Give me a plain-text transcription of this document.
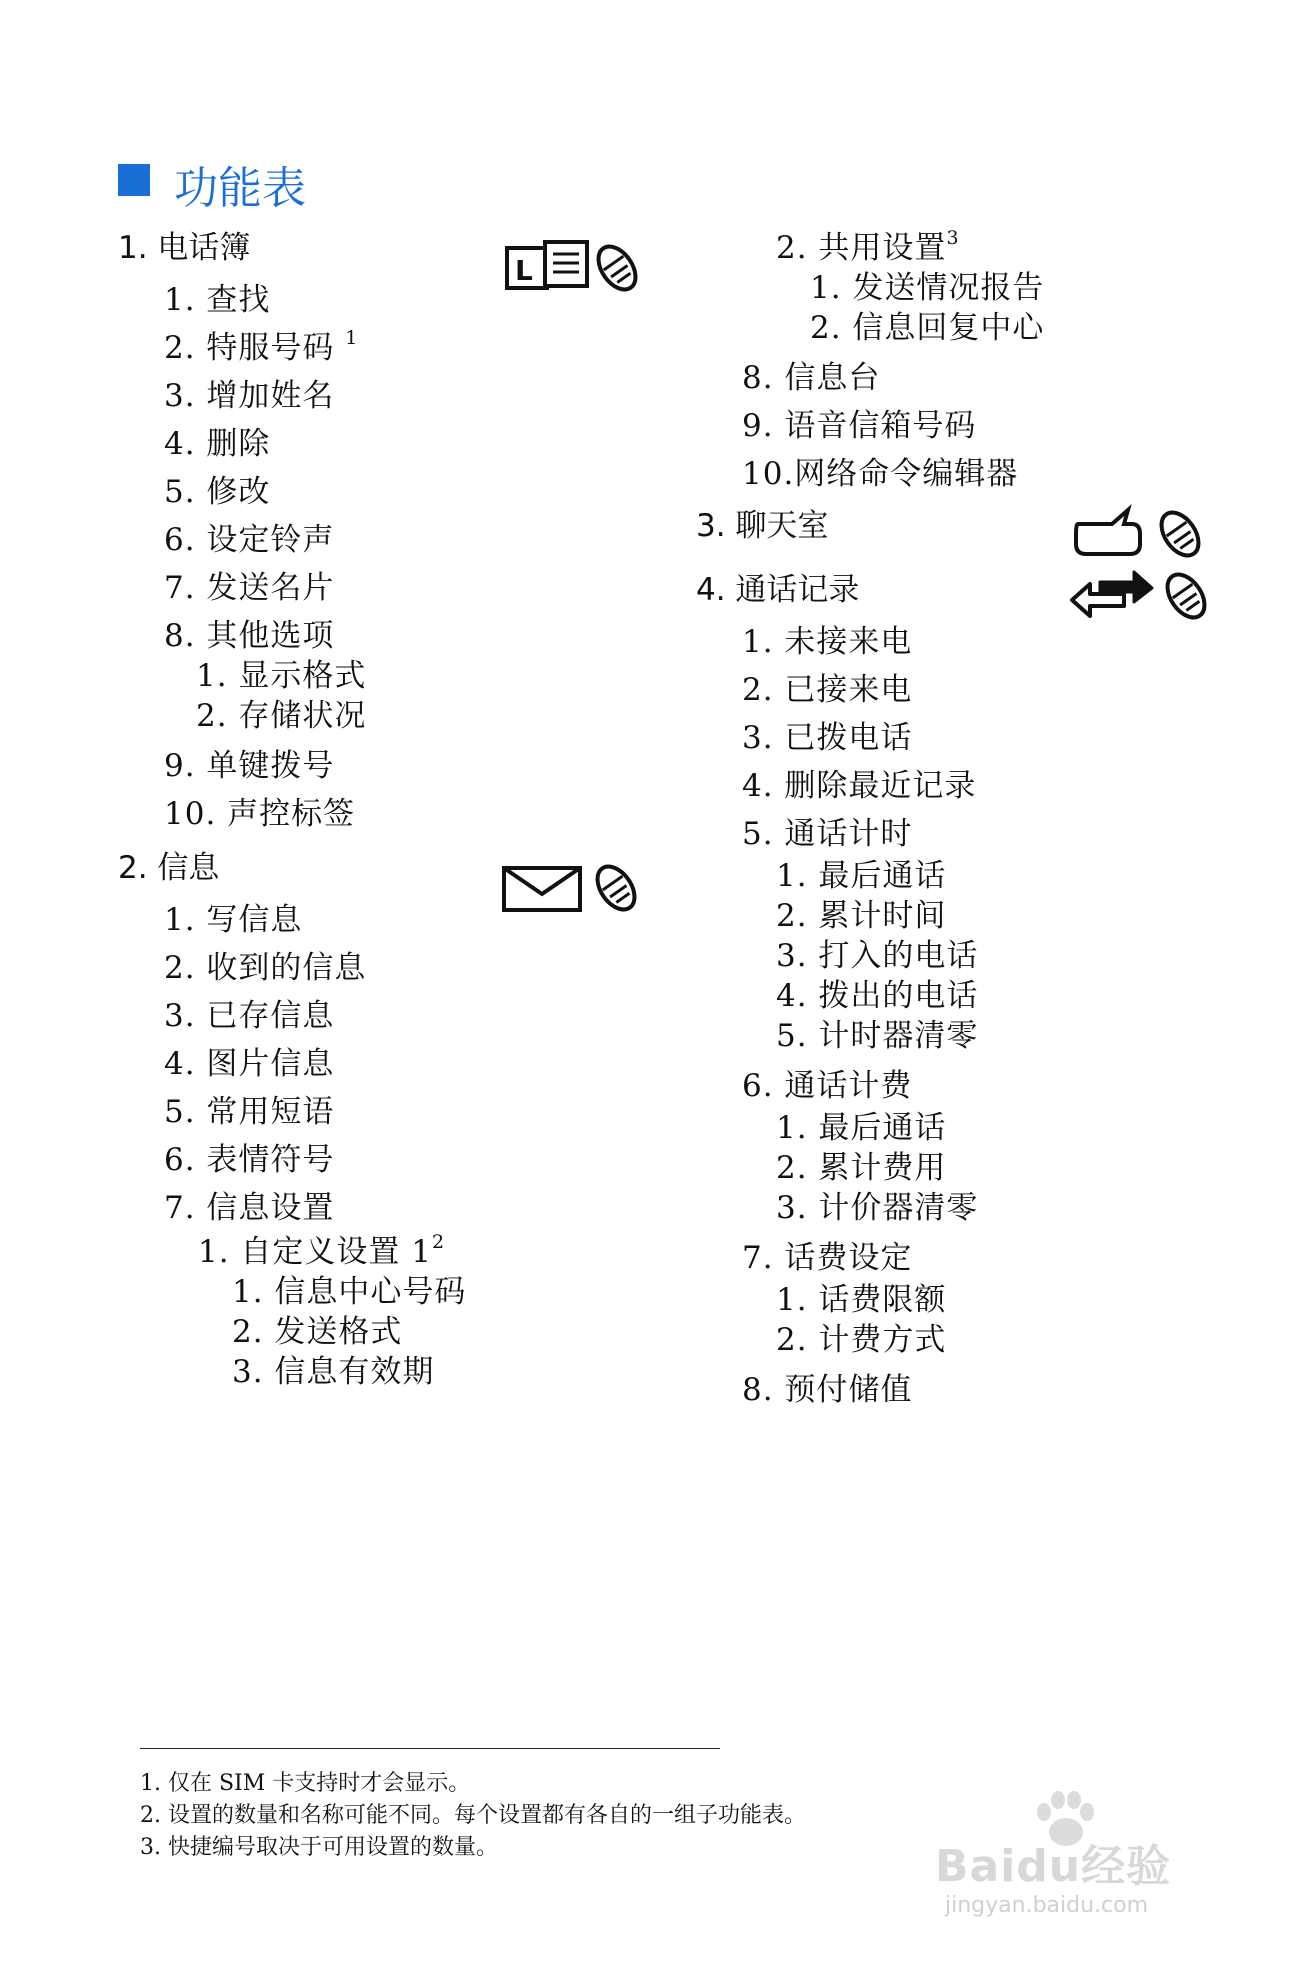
功能表
1. 电话簿
1. 查找
2. 特服号码 $^1$
3. 增加姓名
4. 删除
5. 修改
6. 设定铃声
7. 发送名片
8. 其他选项
1. 显示格式
2. 存储状况
9. 单键拨号
10. 声控标签
2. 信息
1. 写信息
2. 收到的信息
3. 已存信息
4. 图片信息
5. 常用短语
6. 表情符号
7. 信息设置
1. 自定义设置 $1^2$
1. 信息中心号码
2. 发送格式
3. 信息有效期
2. 共用设置$^3$
1. 发送情况报告
2. 信息回复中心
8. 信息台
9. 语音信箱号码
10.网络命令编辑器
3. 聊天室
4. 通话记录
1. 未接来电
2. 已接来电
3. 已拨电话
4. 删除最近记录
5. 通话计时
1. 最后通话
2. 累计时间
3. 打入的电话
4. 拨出的电话
5. 计时器清零
6. 通话计费
1. 最后通话
2. 累计费用
3. 计价器清零
7. 话费设定
1. 话费限额
2. 计费方式
8. 预付储值
L
1. 仅在 SIM 卡支持时才会显示。
2. 设置的数量和名称可能不同。每个设置都有各自的一组子功能表。
3. 快捷编号取决于可用设置的数量。	Baidu经验
jingyan.baidu.com
